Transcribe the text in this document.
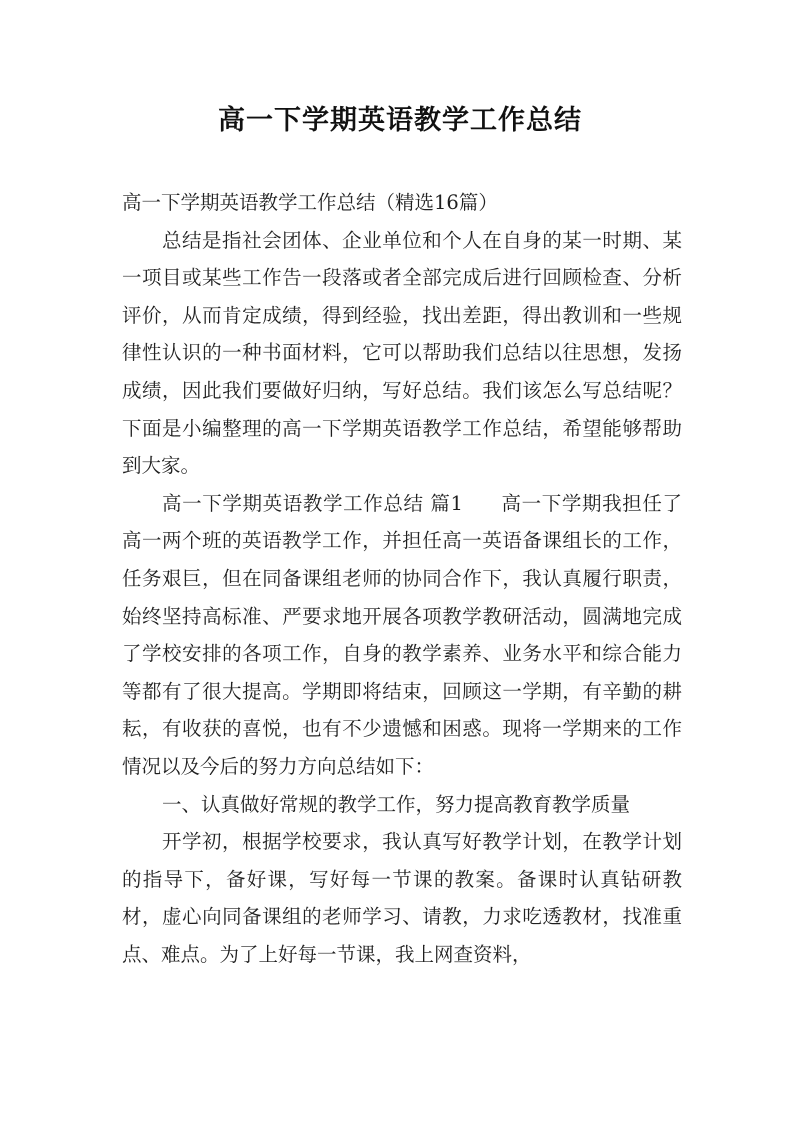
高一下学期英语教学工作总结

高一下学期英语教学工作总结（精选16篇）

总结是指社会团体、企业单位和个人在自身的某一时期、某一项目或某些工作告一段落或者全部完成后进行回顾检查、分析评价，从而肯定成绩，得到经验，找出差距，得出教训和一些规律性认识的一种书面材料，它可以帮助我们总结以往思想，发扬成绩，因此我们要做好归纳，写好总结。我们该怎么写总结呢？下面是小编整理的高一下学期英语教学工作总结，希望能够帮助到大家。

高一下学期英语教学工作总结 篇1 高一下学期我担任了高一两个班的英语教学工作，并担任高一英语备课组长的工作，任务艰巨，但在同备课组老师的协同合作下，我认真履行职责，始终坚持高标准、严要求地开展各项教学教研活动，圆满地完成了学校安排的各项工作，自身的教学素养、业务水平和综合能力等都有了很大提高。学期即将结束，回顾这一学期，有辛勤的耕耘，有收获的喜悦，也有不少遗憾和困惑。现将一学期来的工作情况以及今后的努力方向总结如下：

一、认真做好常规的教学工作，努力提高教育教学质量

开学初，根据学校要求，我认真写好教学计划，在教学计划的指导下，备好课，写好每一节课的教案。备课时认真钻研教材，虚心向同备课组的老师学习、请教，力求吃透教材，找准重点、难点。为了上好每一节课，我上网查资料，
